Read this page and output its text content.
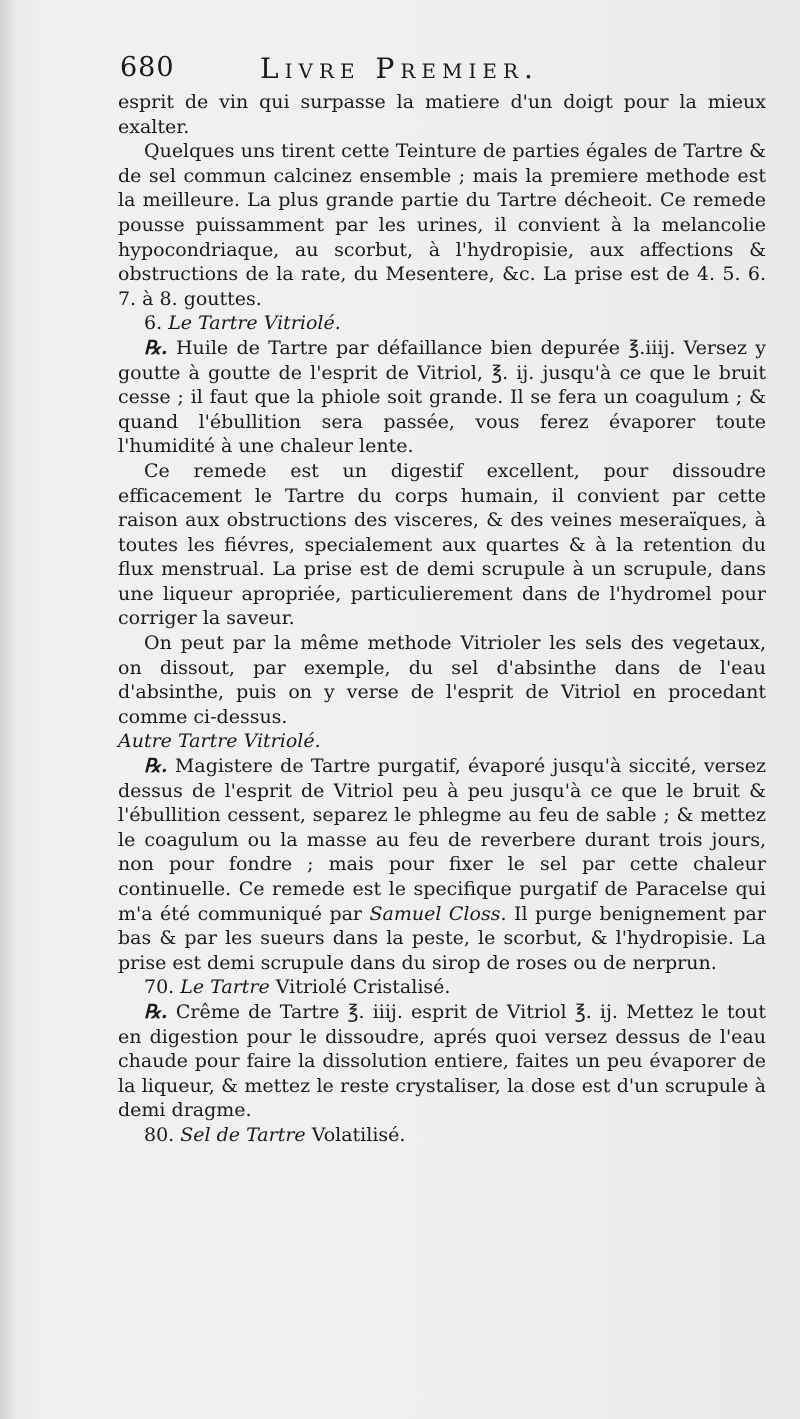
680	Livre Premier.

esprit de vin qui surpasse la matiere d'un doigt pour la mieux exalter.

Quelques uns tirent cette Teinture de parties égales de Tartre & de sel commun calcinez ensemble ; mais la premiere methode est la meilleure. La plus grande partie du Tartre décheoit. Ce remede pousse puissamment par les urines, il convient à la melancolie hypocondriaque, au scorbut, à l'hydropisie, aux affections & obstructions de la rate, du Mesentere, &c. La prise est de 4. 5. 6. 7. à 8. gouttes.

6. Le Tartre Vitriolé.

℞. Huile de Tartre par défaillance bien depurée ℥.iiij. Versez y goutte à goutte de l'esprit de Vitriol, ℥. ij. jusqu'à ce que le bruit cesse ; il faut que la phiole soit grande. Il se fera un coagulum ; & quand l'ébullition sera passée, vous ferez évaporer toute l'humidité à une chaleur lente.

Ce remede est un digestif excellent, pour dissoudre efficacement le Tartre du corps humain, il convient par cette raison aux obstructions des visceres, & des veines meseraïques, à toutes les fiévres, specialement aux quartes & à la retention du flux menstrual. La prise est de demi scrupule à un scrupule, dans une liqueur apropriée, particulierement dans de l'hydromel pour corriger la saveur.

On peut par la même methode Vitrioler les sels des vegetaux, on dissout, par exemple, du sel d'absinthe dans de l'eau d'absinthe, puis on y verse de l'esprit de Vitriol en procedant comme ci-dessus.

Autre Tartre Vitriolé.

℞. Magistere de Tartre purgatif, évaporé jusqu'à siccité, versez dessus de l'esprit de Vitriol peu à peu jusqu'à ce que le bruit & l'ébullition cessent, separez le phlegme au feu de sable ; & mettez le coagulum ou la masse au feu de reverbere durant trois jours, non pour fondre ; mais pour fixer le sel par cette chaleur continuelle. Ce remede est le specifique purgatif de Paracelse qui m'a été communiqué par Samuel Closs. Il purge benignement par bas & par les sueurs dans la peste, le scorbut, & l'hydropisie. La prise est demi scrupule dans du sirop de roses ou de nerprun.

70. Le Tartre Vitriolé Cristalisé.

℞. Crême de Tartre ℥. iiij. esprit de Vitriol ℥. ij. Mettez le tout en digestion pour le dissoudre, aprés quoi versez dessus de l'eau chaude pour faire la dissolution entiere, faites un peu évaporer de la liqueur, & mettez le reste crystaliser, la dose est d'un scrupule à demi dragme.

80. Sel de Tartre Volatilisé.
